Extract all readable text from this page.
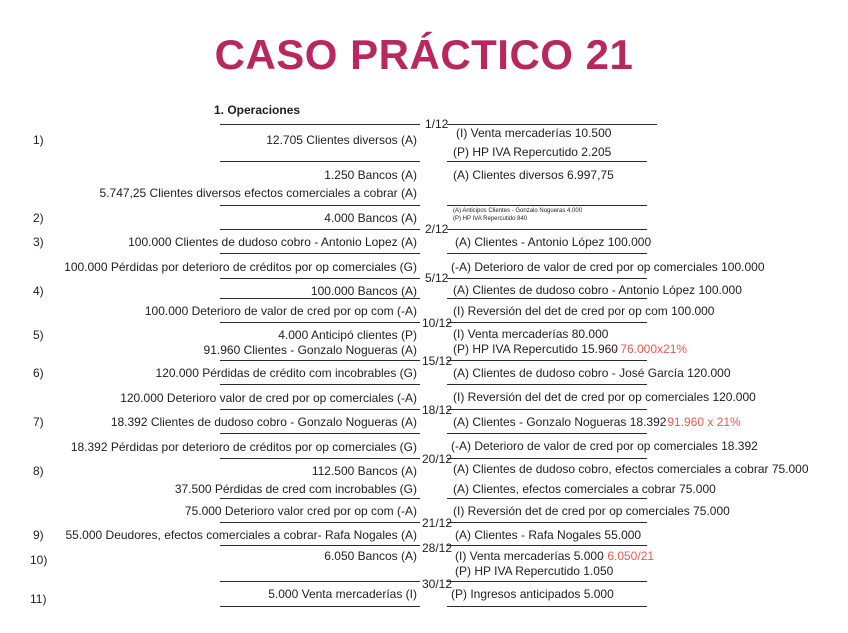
CASO PRÁCTICO 21
1. Operaciones
1)
2)
3)
4)
5)
6)
7)
8)
9)
10)
11)
1/12
2/12
5/12
10/12
15/12
18/12
20/12
21/12
28/12
30/12
12.705 Clientes diversos (A)
1.250 Bancos (A)
5.747,25 Clientes diversos efectos comerciales a cobrar (A)
4.000 Bancos (A)
100.000 Clientes de dudoso cobro - Antonio Lopez (A)
100.000 Pérdidas por deterioro de créditos por op comerciales (G)
100.000 Bancos (A)
100.000 Deterioro de valor de cred por op com (-A)
4.000 Anticipó clientes (P)
91.960 Clientes - Gonzalo Nogueras (A)
120.000 Pérdidas de crédito com incobrables (G)
120.000 Deterioro valor de cred por op comerciales (-A)
18.392 Clientes de dudoso cobro - Gonzalo Nogueras (A)
18.392 Pérdidas por deterioro de créditos por op comerciales (G)
112.500 Bancos (A)
37.500 Pérdidas de cred com incrobables (G)
75.000 Deterioro valor cred por op com (-A)
55.000 Deudores, efectos comerciales a cobrar- Rafa Nogales (A)
6.050 Bancos (A)
5.000 Venta mercaderías (I)
(I) Venta mercaderías 10.500
(P) HP IVA Repercutido 2.205
(A) Clientes diversos 6.997,75
(A) Anticipos Clientes - Gonzalo Nogueras 4.000
(P) HP IVA Repercutido 840
(A) Clientes - Antonio López 100.000
(-A) Deterioro de valor de cred por op comerciales 100.000
(A) Clientes de dudoso cobro - Antonio López 100.000
(I) Reversión del det de cred por op com 100.000
(I) Venta mercaderías 80.000
(P) HP IVA Repercutido 15.960
(A) Clientes de dudoso cobro - José García 120.000
(I) Reversión del det de cred por op comerciales 120.000
(A) Clientes - Gonzalo Nogueras 18.392
(-A) Deterioro de valor de cred por op comerciales 18.392
(A) Clientes de dudoso cobro, efectos comerciales a cobrar 75.000
(A) Clientes, efectos comerciales a cobrar 75.000
(I) Reversión det de cred por op comerciales 75.000
(A) Clientes - Rafa Nogales 55.000
(I) Venta mercaderías 5.000
(P) HP IVA Repercutido 1.050
(P) Ingresos anticipados 5.000
- 76.000x21%
- 91.960 x 21%
- 6.050/21
